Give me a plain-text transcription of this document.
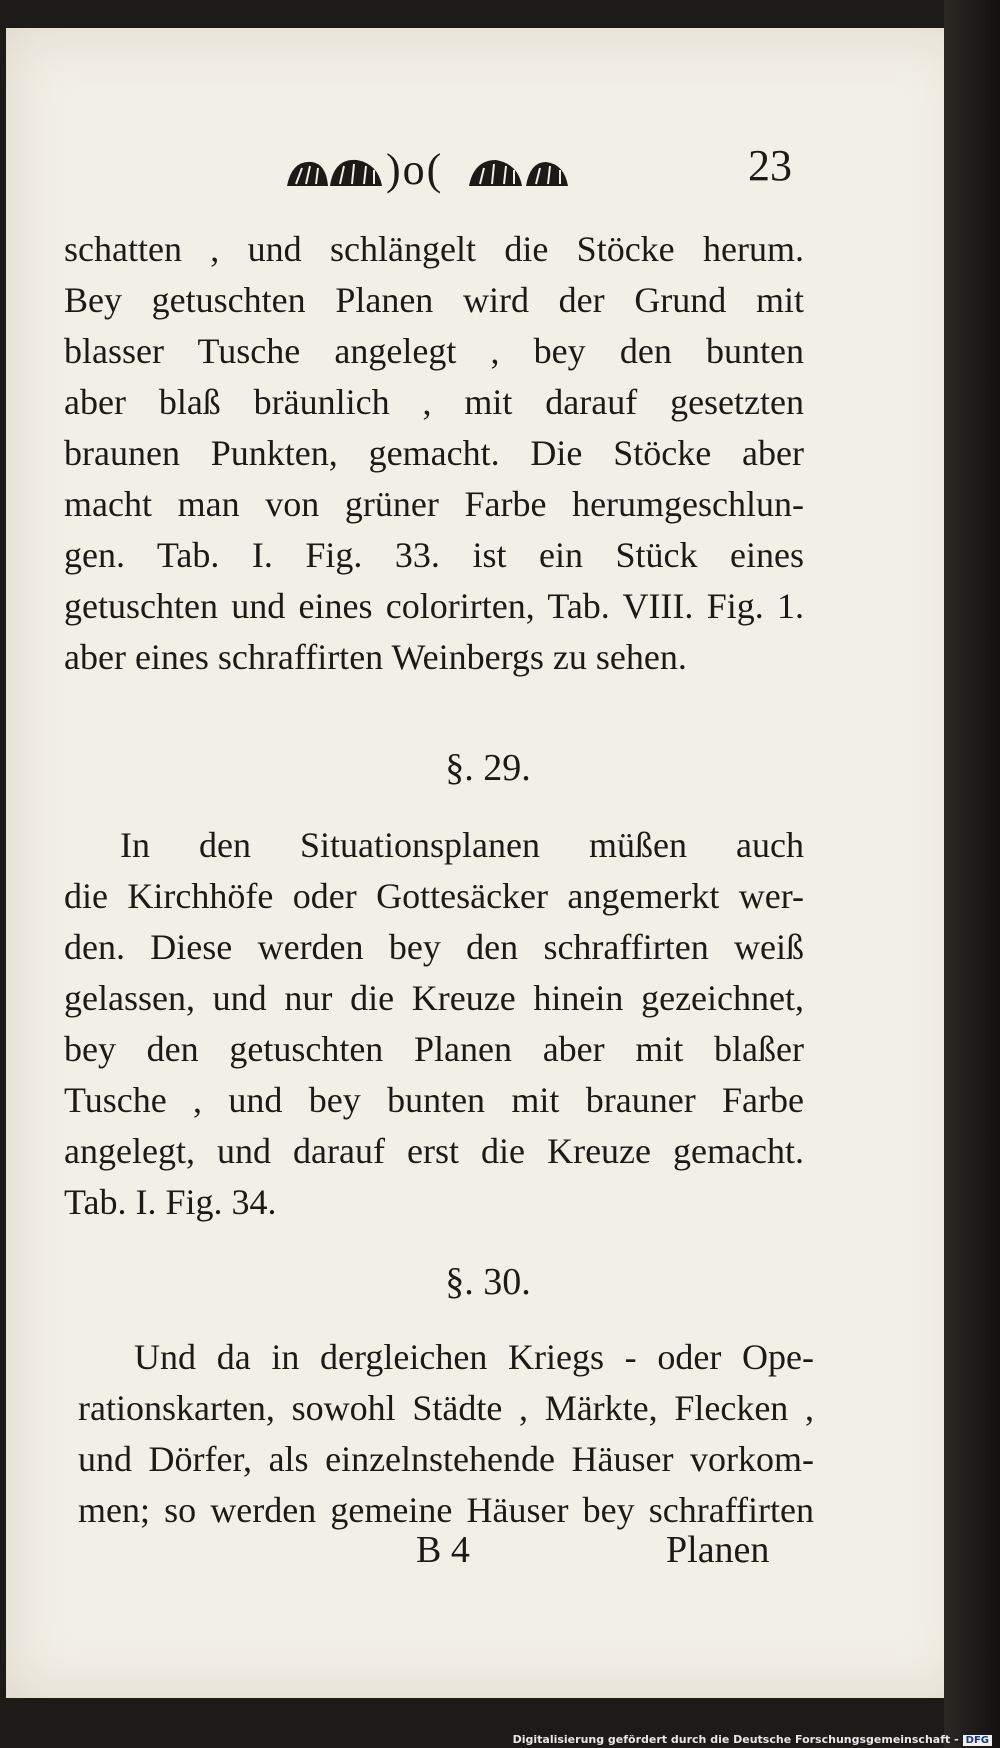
)o(	23
schatten , und schlängelt die Stöcke herum.
Bey getuschten Planen wird der Grund mit
blasser Tusche angelegt , bey den bunten
aber blaß bräunlich , mit darauf gesetzten
braunen Punkten, gemacht. Die Stöcke aber
macht man von grüner Farbe herumgeschlun-
gen. Tab. I. Fig. 33. ist ein Stück eines
getuschten und eines colorirten, Tab. VIII. Fig. 1.
aber eines schraffirten Weinbergs zu sehen.
§. 29.
In den Situationsplanen müßen auch
die Kirchhöfe oder Gottesäcker angemerkt wer-
den. Diese werden bey den schraffirten weiß
gelassen, und nur die Kreuze hinein gezeichnet,
bey den getuschten Planen aber mit blaßer
Tusche , und bey bunten mit brauner Farbe
angelegt, und darauf erst die Kreuze gemacht.
Tab. I. Fig. 34.
§. 30.
Und da in dergleichen Kriegs - oder Ope-
rationskarten, sowohl Städte , Märkte, Flecken ,
und Dörfer, als einzelnstehende Häuser vorkom-
men; so werden gemeine Häuser bey schraffirten
B 4	Planen
Digitalisierung gefördert durch die Deutsche Forschungsgemeinschaft - DFG
